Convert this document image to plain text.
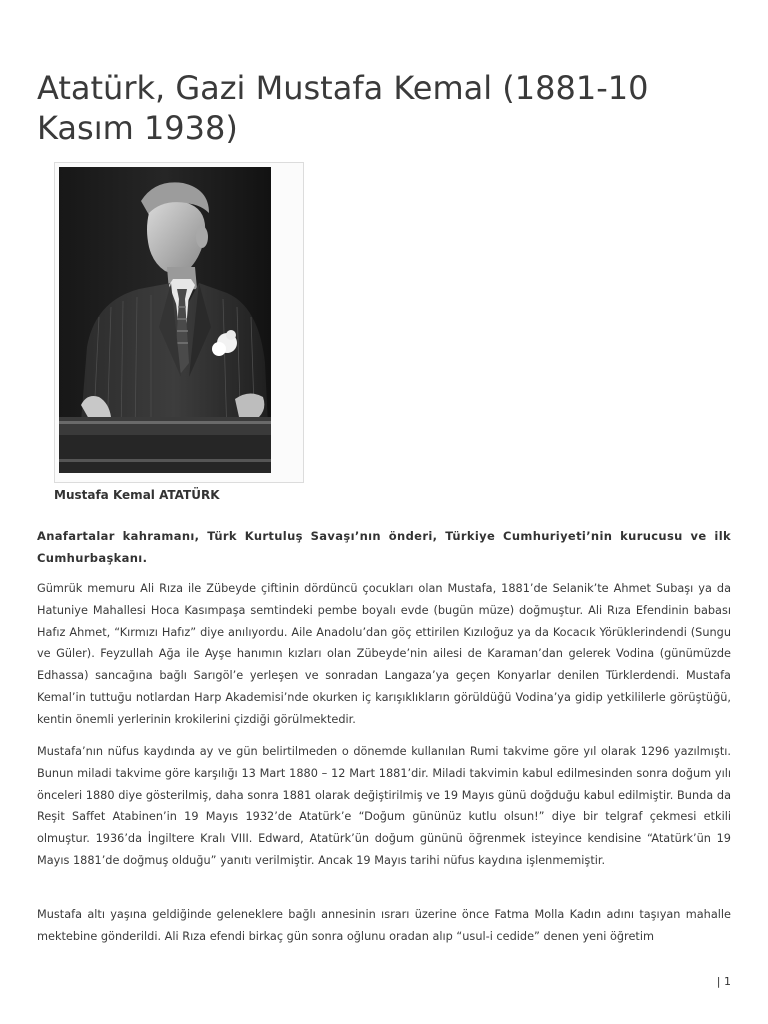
Atatürk, Gazi Mustafa Kemal (1881-10 Kasım 1938)

Mustafa Kemal ATATÜRK

Anafartalar kahramanı, Türk Kurtuluş Savaşı’nın önderi, Türkiye Cumhuriyeti’nin kurucusu ve ilk Cumhurbaşkanı.

Gümrük memuru Ali Rıza ile Zübeyde çiftinin dördüncü çocukları olan Mustafa, 1881’de Selanik’te Ahmet Subaşı ya da Hatuniye Mahallesi Hoca Kasımpaşa semtindeki pembe boyalı evde (bugün müze) doğmuştur. Ali Rıza Efendinin babası Hafız Ahmet, “Kırmızı Hafız” diye anılıyordu. Aile Anadolu’dan göç ettirilen Kızıloğuz ya da Kocacık Yörüklerindendi (Sungu ve Güler). Feyzullah Ağa ile Ayşe hanımın kızları olan Zübeyde’nin ailesi de Karaman’dan gelerek Vodina (günümüzde Edhassa) sancağına bağlı Sarıgöl’e yerleşen ve sonradan Langaza’ya geçen Konyarlar denilen Türklerdendi. Mustafa Kemal’in tuttuğu notlardan Harp Akademisi’nde okurken iç karışıklıkların görüldüğü Vodina’ya gidip yetkililerle görüştüğü, kentin önemli yerlerinin krokilerini çizdiği görülmektedir.

Mustafa’nın nüfus kaydında ay ve gün belirtilmeden o dönemde kullanılan Rumi takvime göre yıl olarak 1296 yazılmıştı. Bunun miladi takvime göre karşılığı 13 Mart 1880 – 12 Mart 1881’dir. Miladi takvimin kabul edilmesinden sonra doğum yılı önceleri 1880 diye gösterilmiş, daha sonra 1881 olarak değiştirilmiş ve 19 Mayıs günü doğduğu kabul edilmiştir. Bunda da Reşit Saffet Atabinen’in 19 Mayıs 1932’de Atatürk’e “Doğum gününüz kutlu olsun!” diye bir telgraf çekmesi etkili olmuştur. 1936’da İngiltere Kralı VIII. Edward, Atatürk’ün doğum gününü öğrenmek isteyince kendisine “Atatürk’ün 19 Mayıs 1881’de doğmuş olduğu” yanıtı verilmiştir. Ancak 19 Mayıs tarihi nüfus kaydına işlenmemiştir.

Mustafa altı yaşına geldiğinde geleneklere bağlı annesinin ısrarı üzerine önce Fatma Molla Kadın adını taşıyan mahalle mektebine gönderildi. Ali Rıza efendi birkaç gün sonra oğlunu oradan alıp “usul-i cedide” denen yeni öğretim

| 1
